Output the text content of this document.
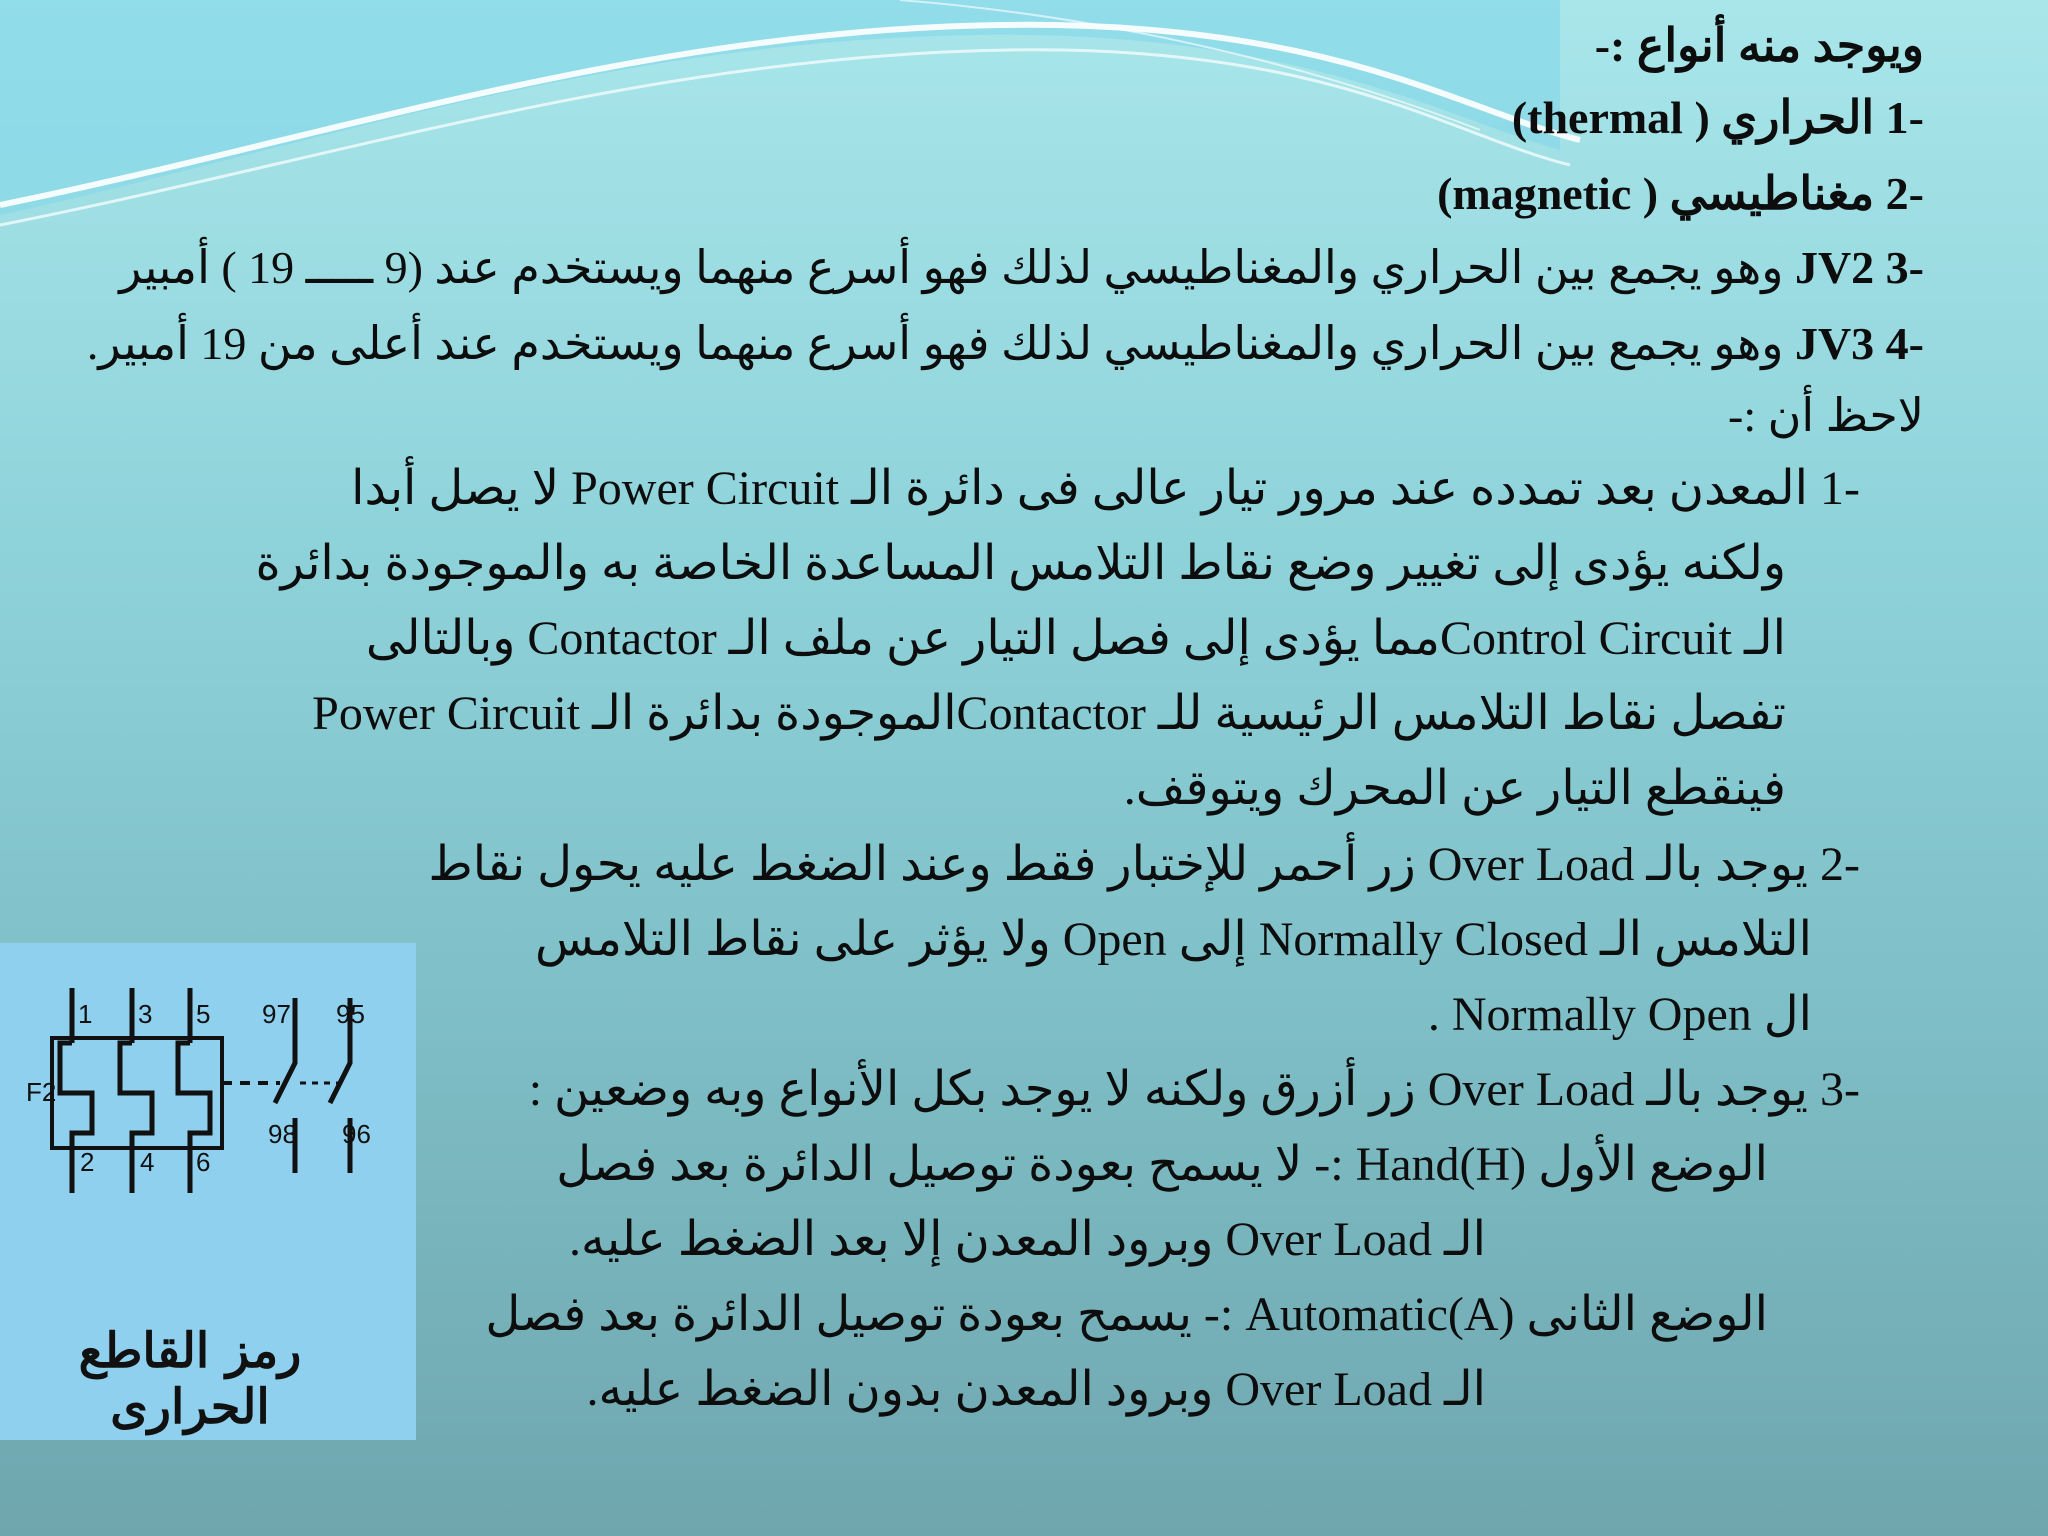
ويوجد منه أنواع :-
-1 الحراري (thermal )
-2 مغناطيسي (magnetic )
-3 JV2 وهو يجمع بين الحراري والمغناطيسي لذلك فهو أسرع منهما ويستخدم عند (9 ـــــ 19 ) أمبير
-4 JV3 وهو يجمع بين الحراري والمغناطيسي لذلك فهو أسرع منهما ويستخدم عند أعلى من 19 أمبير.
لاحظ أن :-
-1 المعدن بعد تمدده عند مرور تيار عالى فى دائرة الـ Power Circuit لا يصل أبدا
ولكنه يؤدى إلى تغيير وضع نقاط التلامس المساعدة الخاصة به والموجودة بدائرة
الـ Control Circuitمما يؤدى إلى فصل التيار عن ملف الـ Contactor وبالتالى
تفصل نقاط التلامس الرئيسية للـ Contactorالموجودة بدائرة الـ Power Circuit
فينقطع التيار عن المحرك ويتوقف.
-2 يوجد بالـ Over Load زر أحمر للإختبار فقط وعند الضغط عليه يحول نقاط
التلامس الـ Normally Closed إلى Open ولا يؤثر على نقاط التلامس
ال Normally Open .
-3 يوجد بالـ Over Load زر أزرق ولكنه لا يوجد بكل الأنواع وبه وضعين :
الوضع الأول Hand(H) :- لا يسمح بعودة توصيل الدائرة بعد فصل
الـ Over Load وبرود المعدن إلا بعد الضغط عليه.
الوضع الثانى Automatic(A) :- يسمح بعودة توصيل الدائرة بعد فصل
الـ Over Load وبرود المعدن بدون الضغط عليه.
F2
1 3 5
2 4 6
97 95
98 96
رمز القاطع الحرارى
